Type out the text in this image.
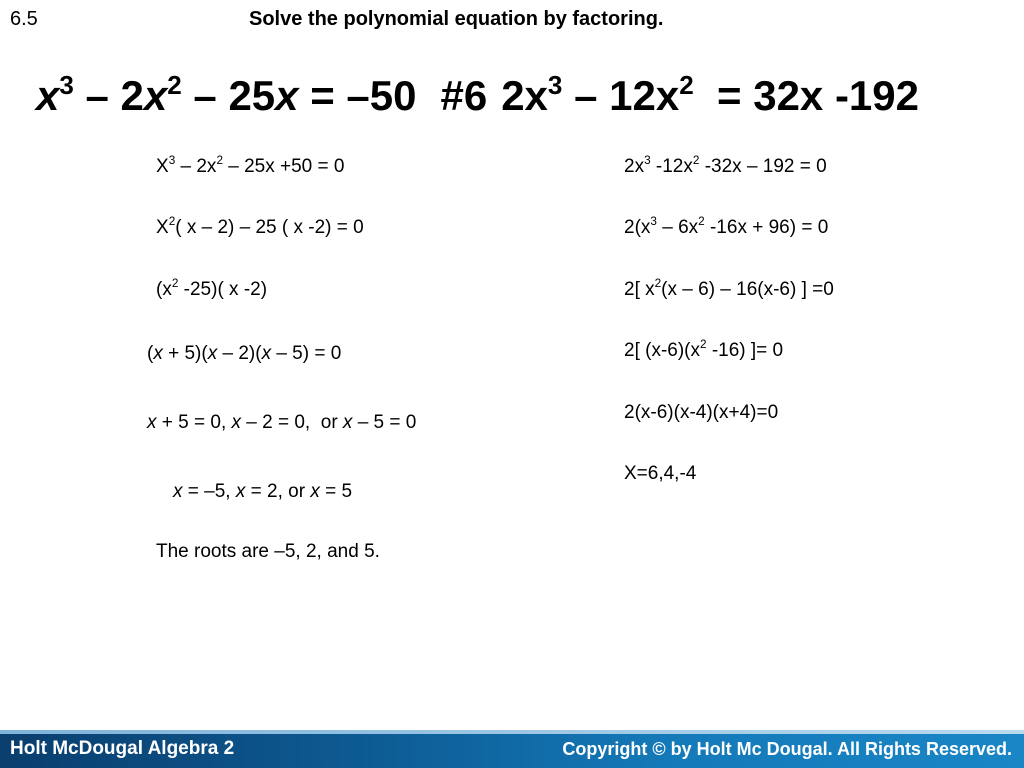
6.5	Solve the polynomial equation by factoring.
$x^3 - 2x^2 - 25x = -50$ #6 $2x^3 - 12x^2 = 32x$ -192
$X^3 - 2x^2 - 25x +50 = 0$
$X^2$( x – 2) – 25 ( x -2) = 0
($x^2$ -25)( x -2)
(x + 5)(x – 2)(x – 5) = 0
x + 5 = 0, x – 2 = 0,  or x – 5 = 0
x = –5, x = 2, or x = 5
The roots are –5, 2, and 5.
$2x^3$ $-12x^2$ -32x – 192 = 0
$2(x^3 - 6x^2$ -16x + 96) = 0
2[ $x^2(x - 6) - 16(x-6)$ ] =0
2[ $(x-6)(x^2$ -16) ]= 0
2(x-6)(x-4)(x+4)=0
X=6,4,-4
Holt McDougal Algebra 2	Copyright © by Holt Mc Dougal. All Rights Reserved.
